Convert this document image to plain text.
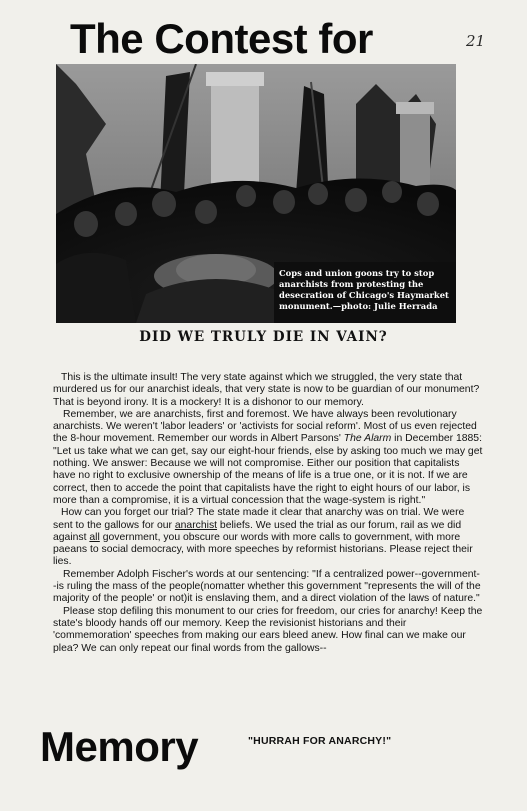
The Contest for	21
Cops and union goons try to stop anarchists from protesting the desecration of Chicago's Haymarket monument.—photo: Julie Herrada
DID WE TRULY DIE IN VAIN?

This is the ultimate insult! The very state against which we struggled, the very state that murdered us for our anarchist ideals, that very state is now to be guardian of our monument? That is beyond irony. It is a mockery! It is a dishonor to our memory.

Remember, we are anarchists, first and foremost. We have always been revolutionary anarchists. We weren't 'labor leaders' or 'activists for social reform'. Most of us even rejected the 8-hour movement. Remember our words in Albert Parsons' The Alarm in December 1885: "Let us take what we can get, say our eight-hour friends, else by asking too much we may get nothing. We answer: Because we will not compromise. Either our position that capitalists have no right to exclusive ownership of the means of life is a true one, or it is not. If we are correct, then to accede the point that capitalists have the right to eight hours of our labor, is more than a compromise, it is a virtual concession that the wage-system is right."

How can you forget our trial? The state made it clear that anarchy was on trial. We were sent to the gallows for our anarchist beliefs. We used the trial as our forum, rail as we did against all government, you obscure our words with more calls to government, with more paeans to social democracy, with more speeches by reformist historians. Please reject their lies.

Remember Adolph Fischer's words at our sentencing: "If a centralized power--government--is ruling the mass of the people(nomatter whether this government "represents the will of the majority of the people' or not)it is enslaving them, and a direct violation of the laws of nature."

Please stop defiling this monument to our cries for freedom, our cries for anarchy! Keep the state's bloody hands off our memory. Keep the revisionist historians and their 'commemoration' speeches from making our ears bleed anew. How final can we make our plea? We can only repeat our final words from the gallows--

Memory	"HURRAH FOR ANARCHY!"
